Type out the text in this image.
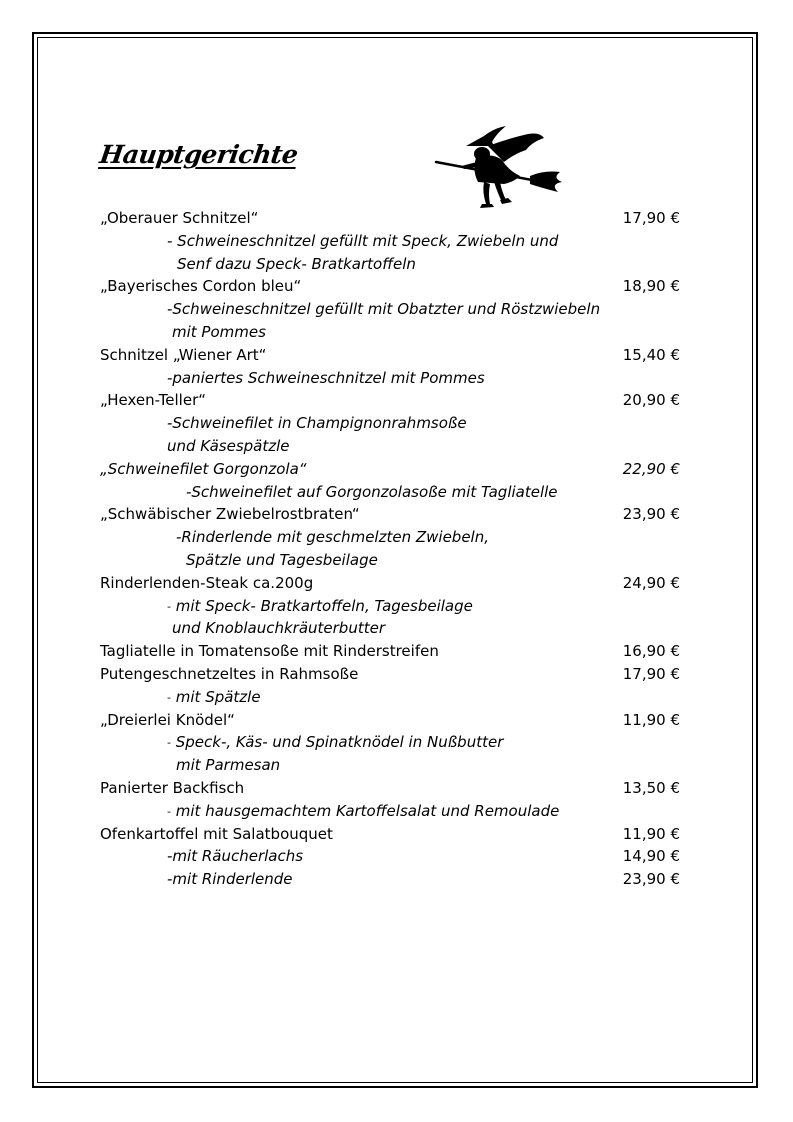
Hauptgerichte
„Oberauer Schnitzel“	17,90 €
- Schweineschnitzel gefüllt mit Speck, Zwiebeln und
Senf dazu Speck- Bratkartoffeln
„Bayerisches Cordon bleu“	18,90 €
-Schweineschnitzel gefüllt mit Obatzter und Röstzwiebeln
mit Pommes
Schnitzel „Wiener Art“	15,40 €
-paniertes Schweineschnitzel mit Pommes
„Hexen-Teller“	20,90 €
-Schweinefilet in Champignonrahmsoße
und Käsespätzle
„Schweinefilet Gorgonzola“	22,90 €
-Schweinefilet auf Gorgonzolasoße mit Tagliatelle
„Schwäbischer Zwiebelrostbraten“	23,90 €
-Rinderlende mit geschmelzten Zwiebeln,
Spätzle und Tagesbeilage
Rinderlenden-Steak ca.200g	24,90 €
- mit Speck- Bratkartoffeln, Tagesbeilage
und Knoblauchkräuterbutter
Tagliatelle in Tomatensoße mit Rinderstreifen	16,90 €
Putengeschnetzeltes in Rahmsoße	17,90 €
- mit Spätzle
„Dreierlei Knödel“	11,90 €
- Speck-, Käs- und Spinatknödel in Nußbutter
mit Parmesan
Panierter Backfisch	13,50 €
- mit hausgemachtem Kartoffelsalat und Remoulade
Ofenkartoffel mit Salatbouquet	11,90 €
-mit Räucherlachs	14,90 €
-mit Rinderlende	23,90 €
